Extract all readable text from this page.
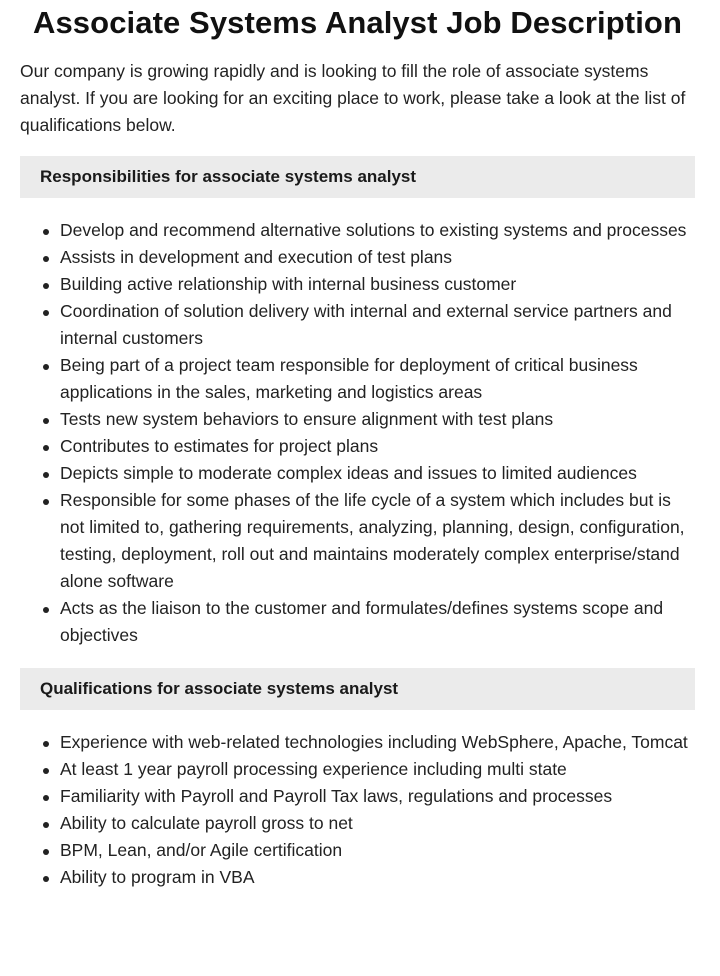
Associate Systems Analyst Job Description

Our company is growing rapidly and is looking to fill the role of associate systems analyst. If you are looking for an exciting place to work, please take a look at the list of qualifications below.

Responsibilities for associate systems analyst
Develop and recommend alternative solutions to existing systems and processes
Assists in development and execution of test plans
Building active relationship with internal business customer
Coordination of solution delivery with internal and external service partners and internal customers
Being part of a project team responsible for deployment of critical business applications in the sales, marketing and logistics areas
Tests new system behaviors to ensure alignment with test plans
Contributes to estimates for project plans
Depicts simple to moderate complex ideas and issues to limited audiences
Responsible for some phases of the life cycle of a system which includes but is not limited to, gathering requirements, analyzing, planning, design, configuration, testing, deployment, roll out and maintains moderately complex enterprise/stand alone software
Acts as the liaison to the customer and formulates/defines systems scope and objectives
Qualifications for associate systems analyst
Experience with web-related technologies including WebSphere, Apache, Tomcat
At least 1 year payroll processing experience including multi state
Familiarity with Payroll and Payroll Tax laws, regulations and processes
Ability to calculate payroll gross to net
BPM, Lean, and/or Agile certification
Ability to program in VBA
